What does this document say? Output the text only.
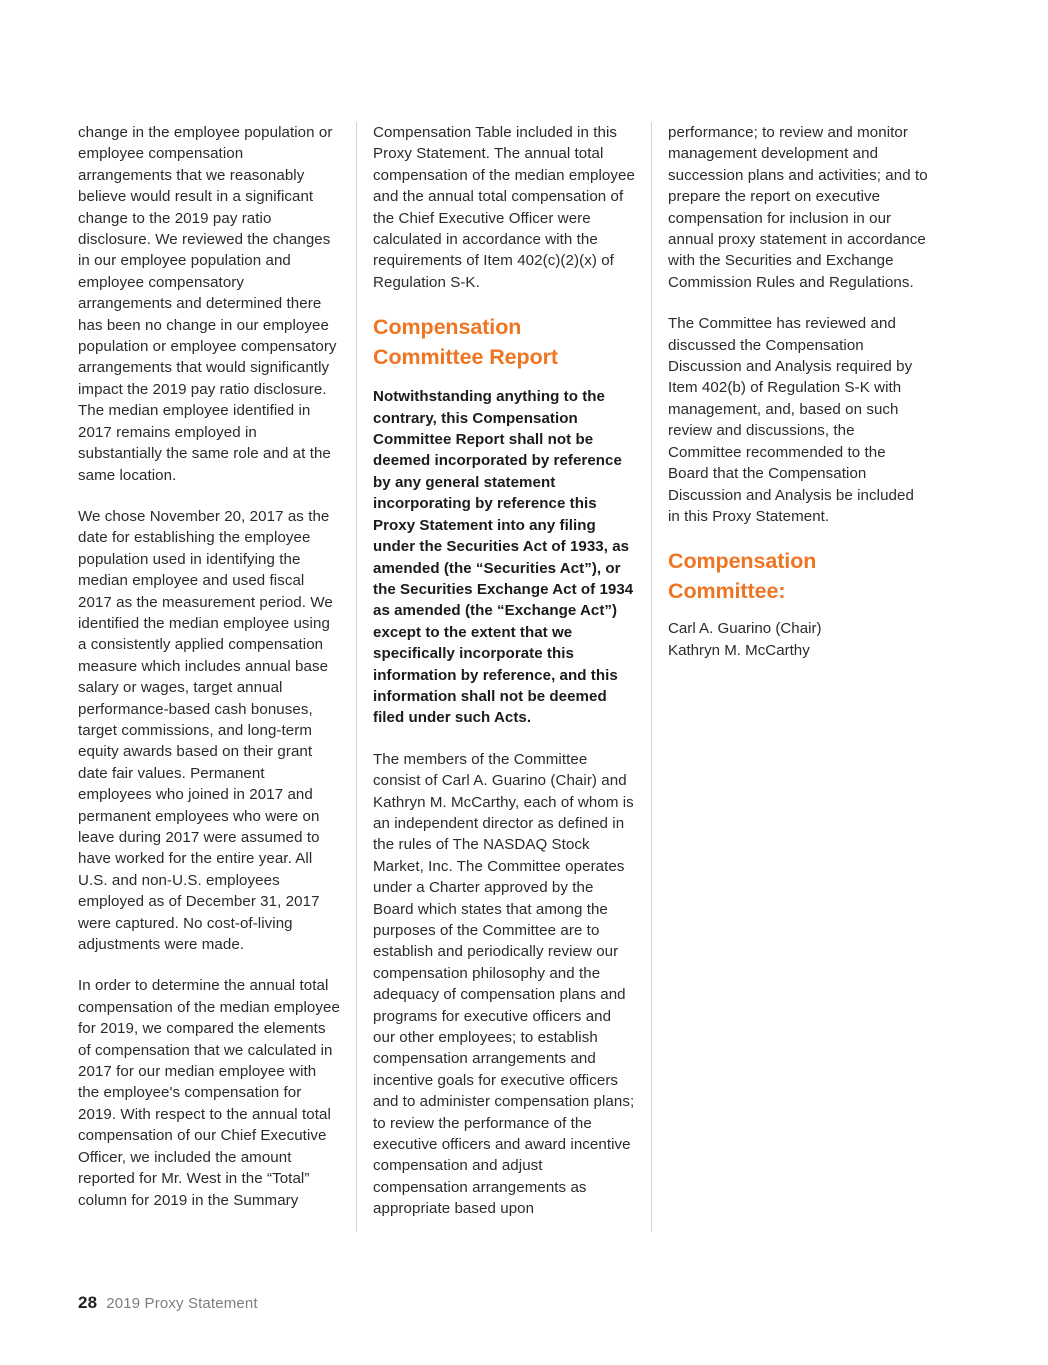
change in the employee population or employee compensation arrangements that we reasonably believe would result in a significant change to the 2019 pay ratio disclosure. We reviewed the changes in our employee population and employee compensatory arrangements and determined there has been no change in our employee population or employee compensatory arrangements that would significantly impact the 2019 pay ratio disclosure. The median employee identified in 2017 remains employed in substantially the same role and at the same location.

We chose November 20, 2017 as the date for establishing the employee population used in identifying the median employee and used fiscal 2017 as the measurement period. We identified the median employee using a consistently applied compensation measure which includes annual base salary or wages, target annual performance-based cash bonuses, target commissions, and long-term equity awards based on their grant date fair values. Permanent employees who joined in 2017 and permanent employees who were on leave during 2017 were assumed to have worked for the entire year. All U.S. and non-U.S. employees employed as of December 31, 2017 were captured. No cost-of-living adjustments were made.

In order to determine the annual total compensation of the median employee for 2019, we compared the elements of compensation that we calculated in 2017 for our median employee with the employee's compensation for 2019. With respect to the annual total compensation of our Chief Executive Officer, we included the amount reported for Mr. West in the “Total” column for 2019 in the Summary

Compensation Table included in this Proxy Statement. The annual total compensation of the median employee and the annual total compensation of the Chief Executive Officer were calculated in accordance with the requirements of Item 402(c)(2)(x) of Regulation S-K.

Compensation Committee Report

Notwithstanding anything to the contrary, this Compensation Committee Report shall not be deemed incorporated by reference by any general statement incorporating by reference this Proxy Statement into any filing under the Securities Act of 1933, as amended (the “Securities Act”), or the Securities Exchange Act of 1934 as amended (the “Exchange Act”) except to the extent that we specifically incorporate this information by reference, and this information shall not be deemed filed under such Acts.

The members of the Committee consist of Carl A. Guarino (Chair) and Kathryn M. McCarthy, each of whom is an independent director as defined in the rules of The NASDAQ Stock Market, Inc. The Committee operates under a Charter approved by the Board which states that among the purposes of the Committee are to establish and periodically review our compensation philosophy and the adequacy of compensation plans and programs for executive officers and our other employees; to establish compensation arrangements and incentive goals for executive officers and to administer compensation plans; to review the performance of the executive officers and award incentive compensation and adjust compensation arrangements as appropriate based upon

performance; to review and monitor management development and succession plans and activities; and to prepare the report on executive compensation for inclusion in our annual proxy statement in accordance with the Securities and Exchange Commission Rules and Regulations.

The Committee has reviewed and discussed the Compensation Discussion and Analysis required by Item 402(b) of Regulation S-K with management, and, based on such review and discussions, the Committee recommended to the Board that the Compensation Discussion and Analysis be included in this Proxy Statement.

Compensation Committee:
Carl A. Guarino (Chair)
Kathryn M. McCarthy
28 2019 Proxy Statement
